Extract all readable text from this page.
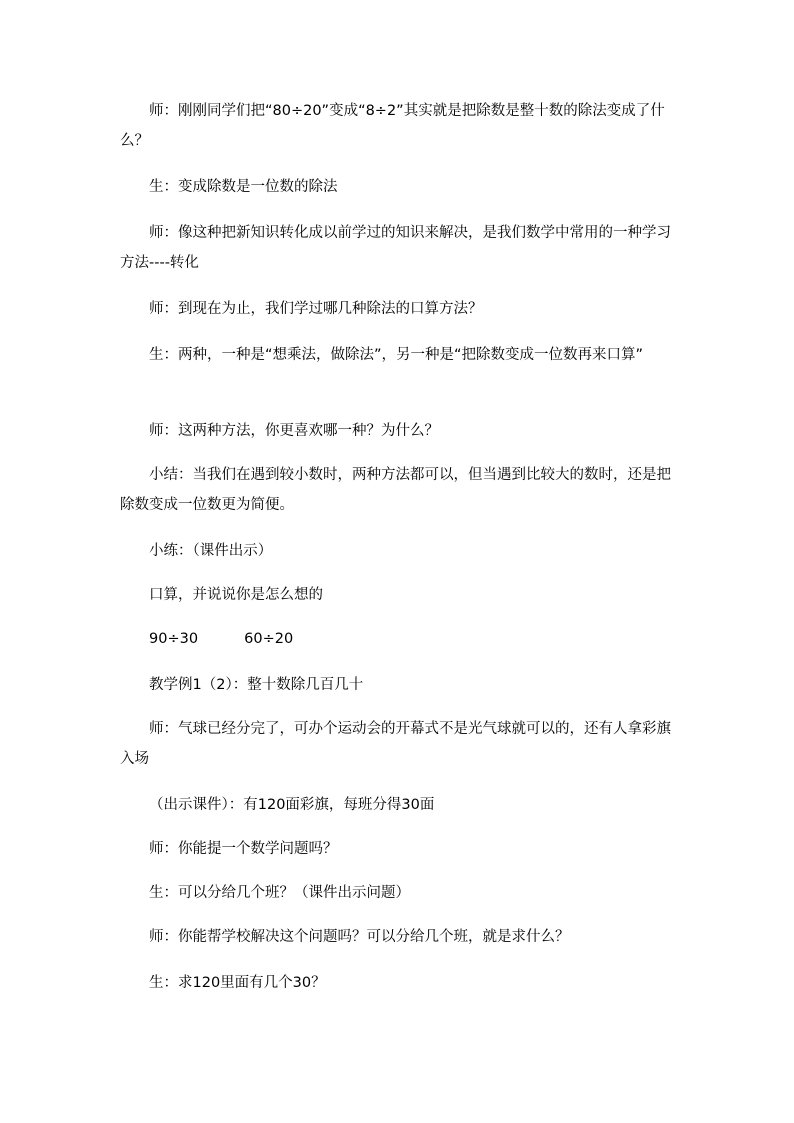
师：刚刚同学们把“80÷20”变成“8÷2”其实就是把除数是整十数的除法变成了什么？

生：变成除数是一位数的除法

师：像这种把新知识转化成以前学过的知识来解决，是我们数学中常用的一种学习方法----转化

师：到现在为止，我们学过哪几种除法的口算方法？

生：两种，一种是“想乘法，做除法”，另一种是“把除数变成一位数再来口算”

师：这两种方法，你更喜欢哪一种？为什么？

小结：当我们在遇到较小数时，两种方法都可以，但当遇到比较大的数时，还是把除数变成一位数更为简便。

小练：（课件出示）

口算，并说说你是怎么想的

90÷30          60÷20

教学例1（2）：整十数除几百几十

师：气球已经分完了，可办个运动会的开幕式不是光气球就可以的，还有人拿彩旗入场

（出示课件）：有120面彩旗，每班分得30面

师：你能提一个数学问题吗？

生：可以分给几个班？（课件出示问题）

师：你能帮学校解决这个问题吗？可以分给几个班，就是求什么？

生：求120里面有几个30？
